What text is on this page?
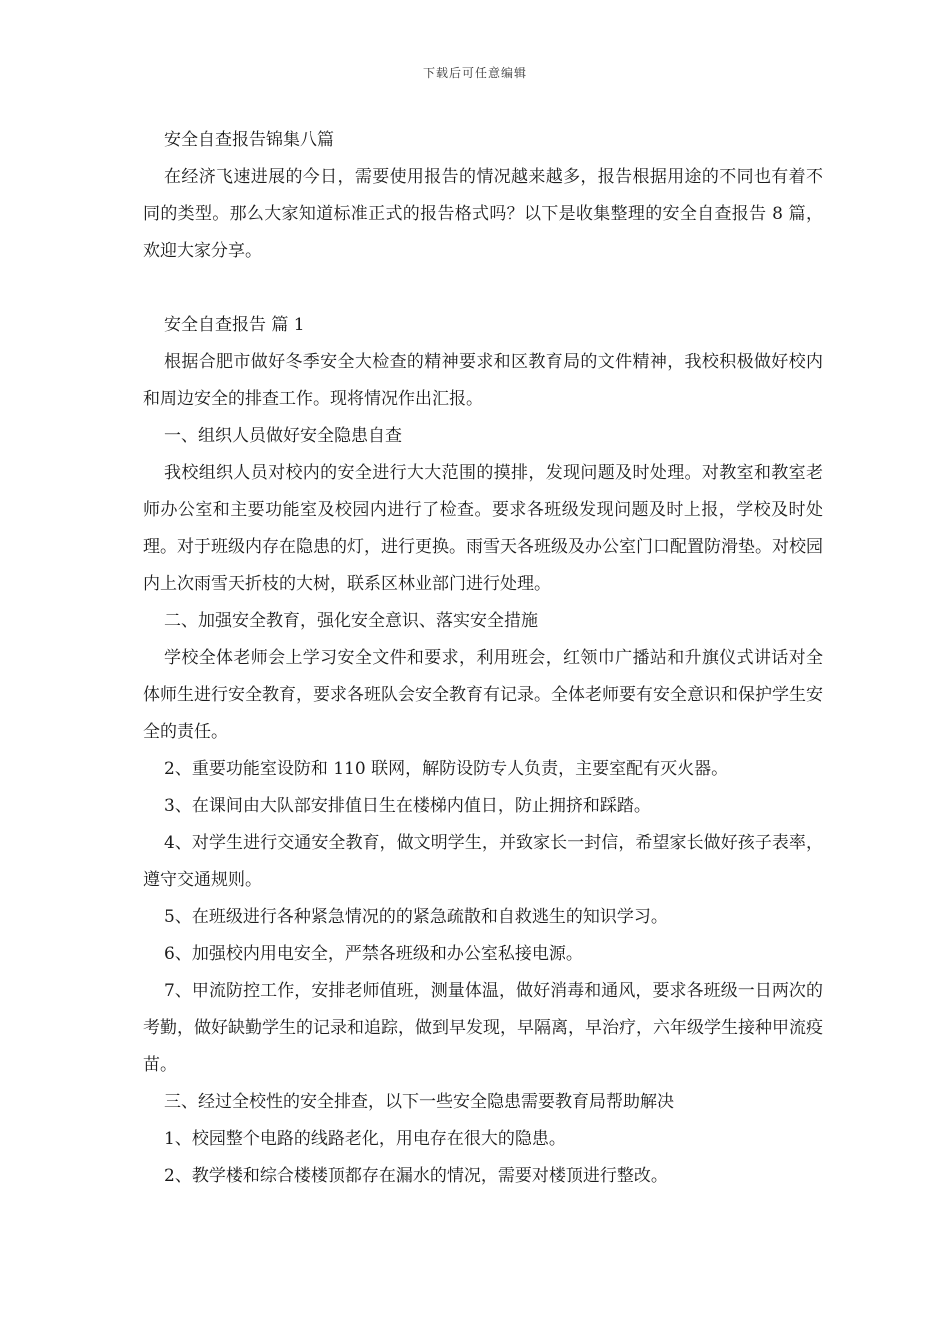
下载后可任意编辑

安全自查报告锦集八篇

在经济飞速进展的今日，需要使用报告的情况越来越多，报告根据用途的不同也有着不同的类型。那么大家知道标准正式的报告格式吗？以下是收集整理的安全自查报告 8 篇，欢迎大家分享。

安全自查报告 篇 1

根据合肥市做好冬季安全大检查的精神要求和区教育局的文件精神，我校积极做好校内和周边安全的排查工作。现将情况作出汇报。

一、组织人员做好安全隐患自查

我校组织人员对校内的安全进行大大范围的摸排，发现问题及时处理。对教室和教室老师办公室和主要功能室及校园内进行了检查。要求各班级发现问题及时上报，学校及时处理。对于班级内存在隐患的灯，进行更换。雨雪天各班级及办公室门口配置防滑垫。对校园内上次雨雪天折枝的大树，联系区林业部门进行处理。

二、加强安全教育，强化安全意识、落实安全措施

学校全体老师会上学习安全文件和要求，利用班会，红领巾广播站和升旗仪式讲话对全体师生进行安全教育，要求各班队会安全教育有记录。全体老师要有安全意识和保护学生安全的责任。

2、重要功能室设防和 110 联网，解防设防专人负责，主要室配有灭火器。

3、在课间由大队部安排值日生在楼梯内值日，防止拥挤和踩踏。

4、对学生进行交通安全教育，做文明学生，并致家长一封信，希望家长做好孩子表率，遵守交通规则。

5、在班级进行各种紧急情况的的紧急疏散和自救逃生的知识学习。

6、加强校内用电安全，严禁各班级和办公室私接电源。

7、甲流防控工作，安排老师值班，测量体温，做好消毒和通风，要求各班级一日两次的考勤，做好缺勤学生的记录和追踪，做到早发现，早隔离，早治疗，六年级学生接种甲流疫苗。

三、经过全校性的安全排查，以下一些安全隐患需要教育局帮助解决

1、校园整个电路的线路老化，用电存在很大的隐患。

2、教学楼和综合楼楼顶都存在漏水的情况，需要对楼顶进行整改。
